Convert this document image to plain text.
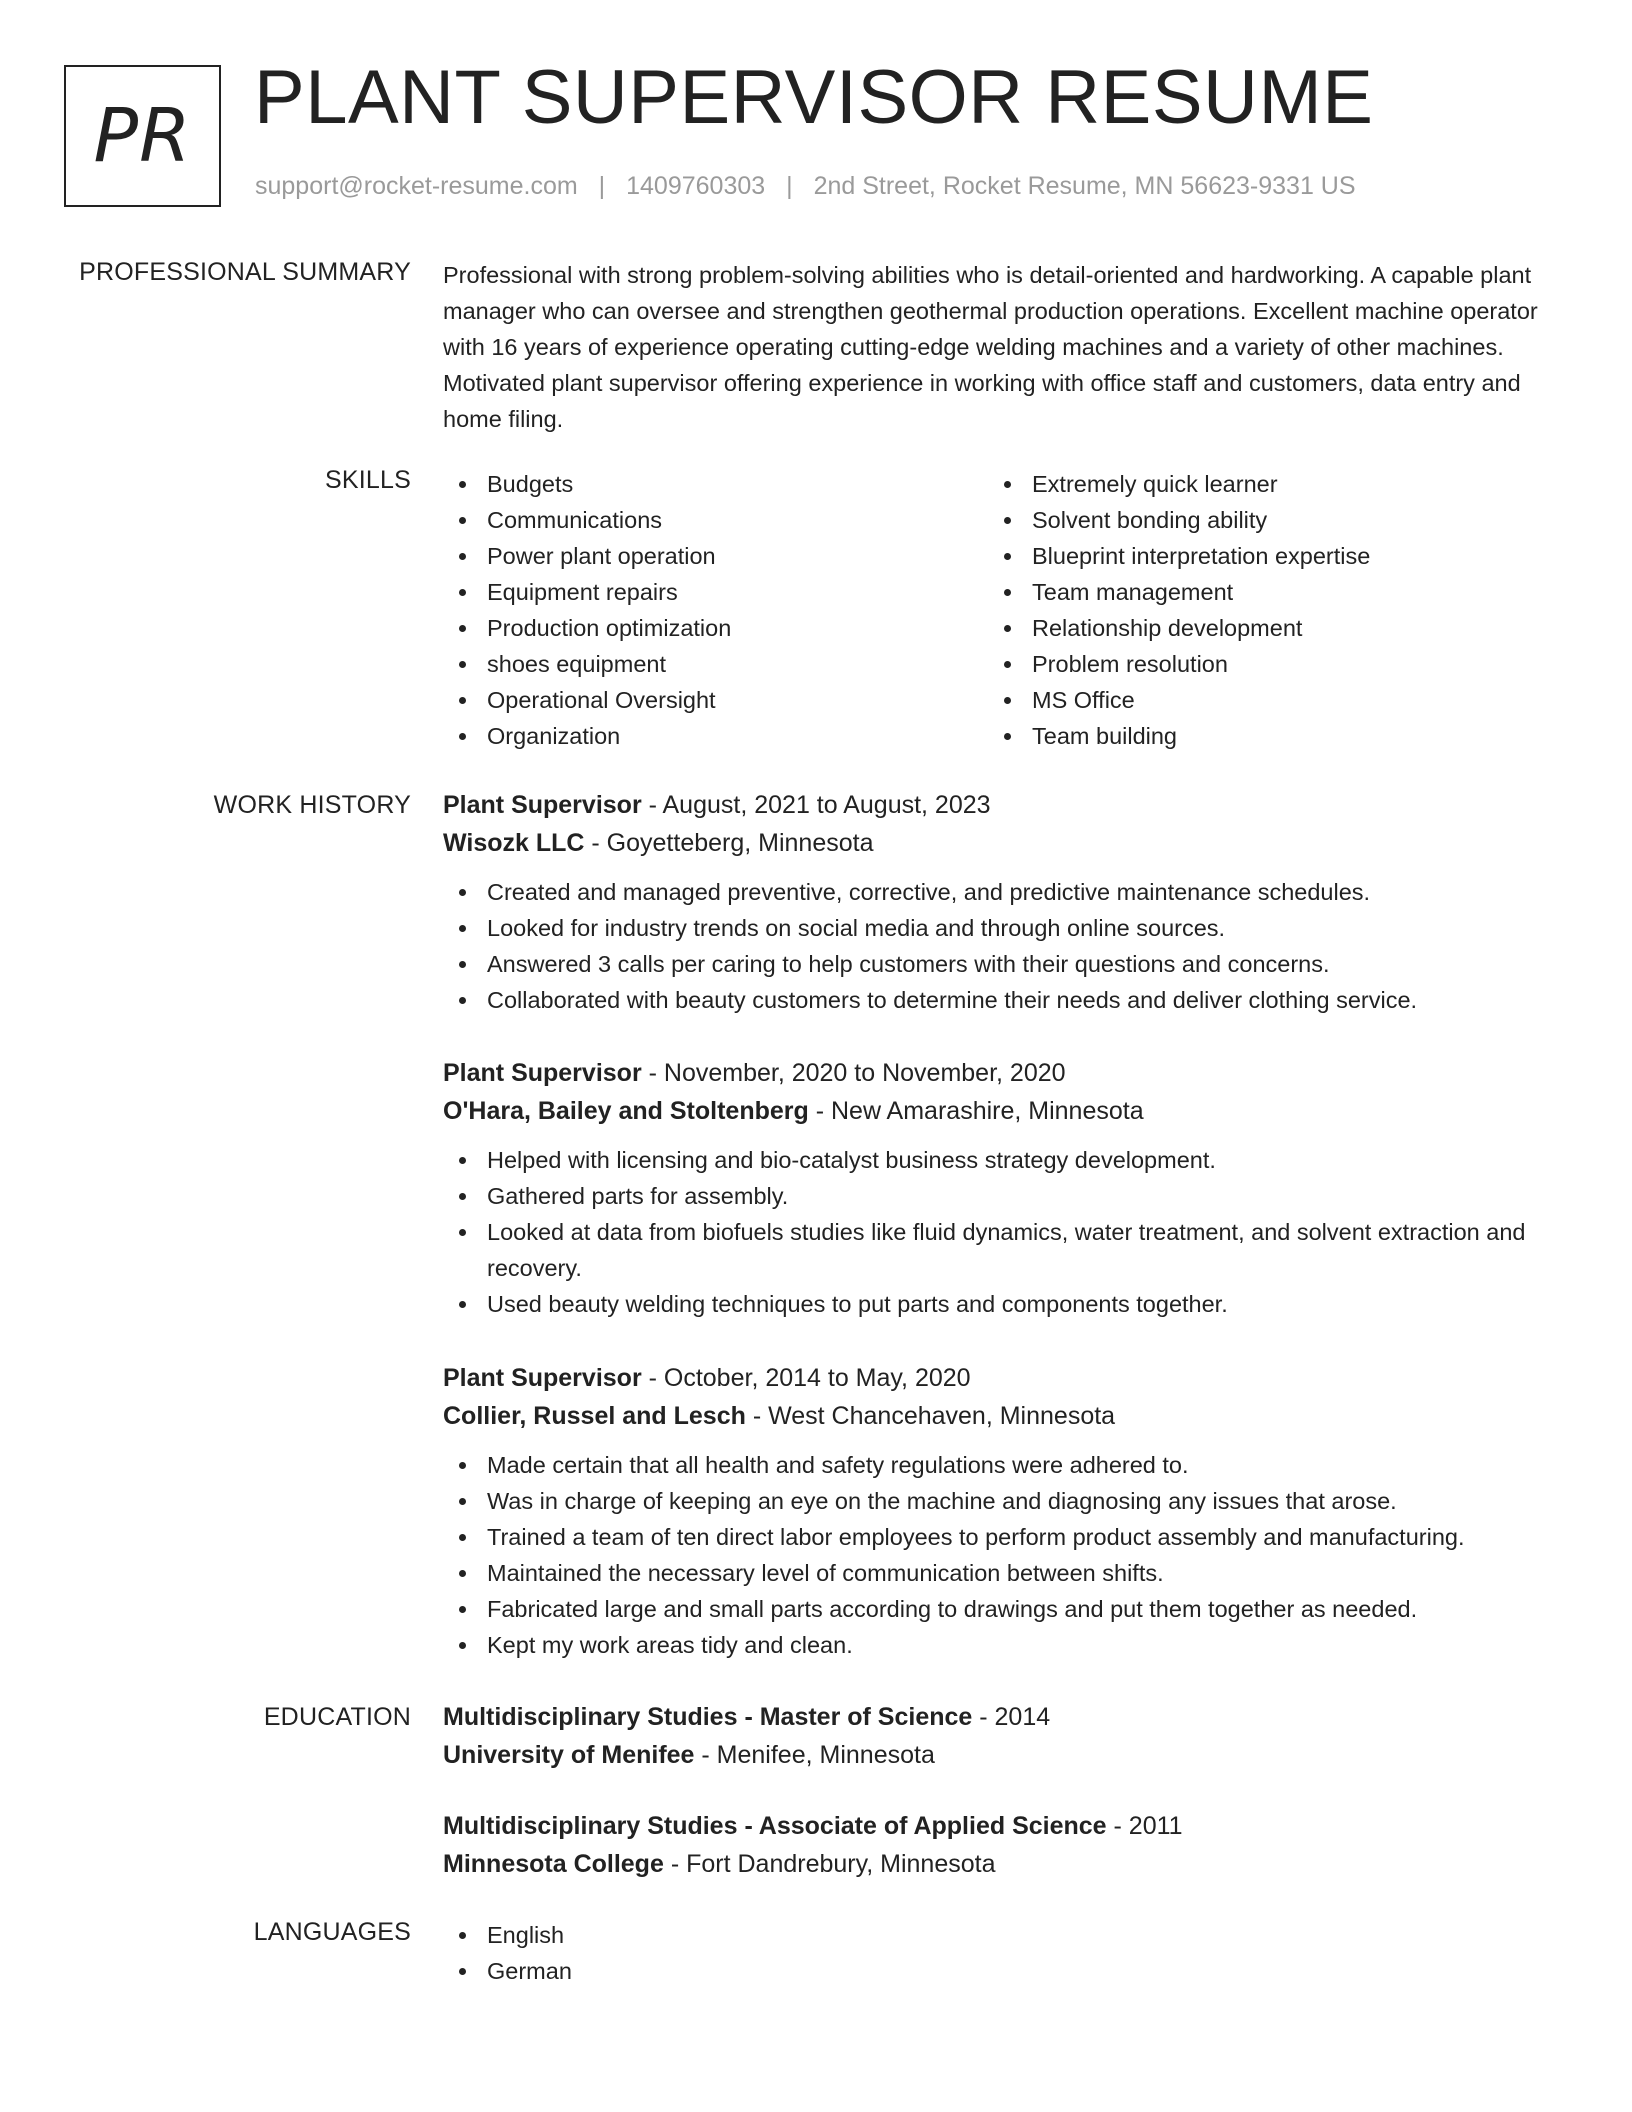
PR PLANT SUPERVISOR RESUME
support@rocket-resume.com | 1409760303 | 2nd Street, Rocket Resume, MN 56623-9331 US
PROFESSIONAL SUMMARY Professional with strong problem-solving abilities who is detail-oriented and hardworking. A capable plant manager who can oversee and strengthen geothermal production operations. Excellent machine operator with 16 years of experience operating cutting-edge welding machines and a variety of other machines. Motivated plant supervisor offering experience in working with office staff and customers, data entry and home filing.
SKILLS	Budgets
Communications
Power plant operation
Equipment repairs
Production optimization
shoes equipment
Operational Oversight
Organization
Extremely quick learner
Solvent bonding ability
Blueprint interpretation expertise
Team management
Relationship development
Problem resolution
MS Office
Team building
WORK HISTORY Plant Supervisor - August, 2021 to August, 2023
Wisozk LLC - Goyetteberg, Minnesota
Created and managed preventive, corrective, and predictive maintenance schedules.
Looked for industry trends on social media and through online sources.
Answered 3 calls per caring to help customers with their questions and concerns.
Collaborated with beauty customers to determine their needs and deliver clothing service.
Plant Supervisor - November, 2020 to November, 2020
O'Hara, Bailey and Stoltenberg - New Amarashire, Minnesota
Helped with licensing and bio-catalyst business strategy development.
Gathered parts for assembly.
Looked at data from biofuels studies like fluid dynamics, water treatment, and solvent extraction and recovery.
Used beauty welding techniques to put parts and components together.
Plant Supervisor - October, 2014 to May, 2020
Collier, Russel and Lesch - West Chancehaven, Minnesota
Made certain that all health and safety regulations were adhered to.
Was in charge of keeping an eye on the machine and diagnosing any issues that arose.
Trained a team of ten direct labor employees to perform product assembly and manufacturing.
Maintained the necessary level of communication between shifts.
Fabricated large and small parts according to drawings and put them together as needed.
Kept my work areas tidy and clean.
EDUCATION Multidisciplinary Studies - Master of Science - 2014
University of Menifee - Menifee, Minnesota
Multidisciplinary Studies - Associate of Applied Science - 2011
Minnesota College - Fort Dandrebury, Minnesota
LANGUAGES	English
German
